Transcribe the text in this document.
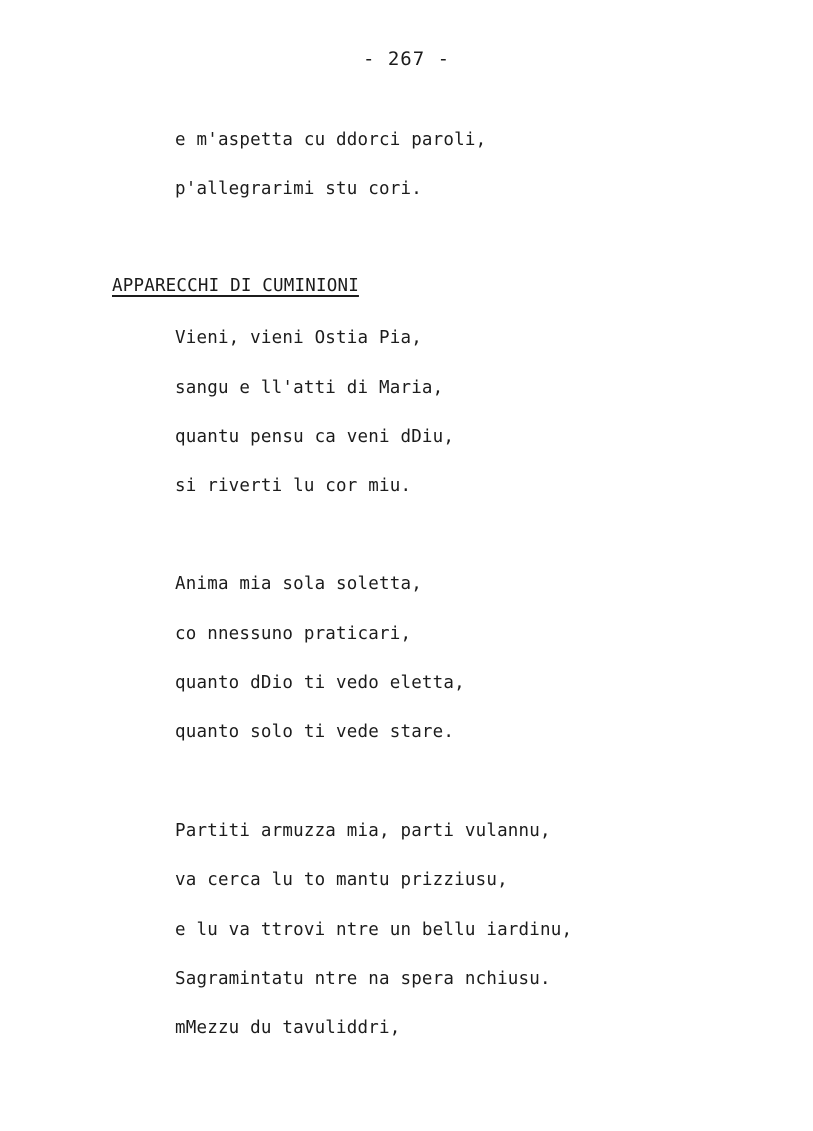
- 267 -
e m'aspetta cu ddorci paroli,
p'allegrarimi stu cori.
APPARECCHI DI CUMINIONI
Vieni, vieni Ostia Pia,
sangu e ll'atti di Maria,
quantu pensu ca veni dDiu,
si riverti lu cor miu.
Anima mia sola soletta,
co nnessuno praticari,
quanto dDio ti vedo eletta,
quanto solo ti vede stare.
Partiti armuzza mia, parti vulannu,
va cerca lu to mantu prizziusu,
e lu va ttrovi ntre un bellu iardinu,
Sagramintatu ntre na spera nchiusu.
mMezzu du tavuliddri,
